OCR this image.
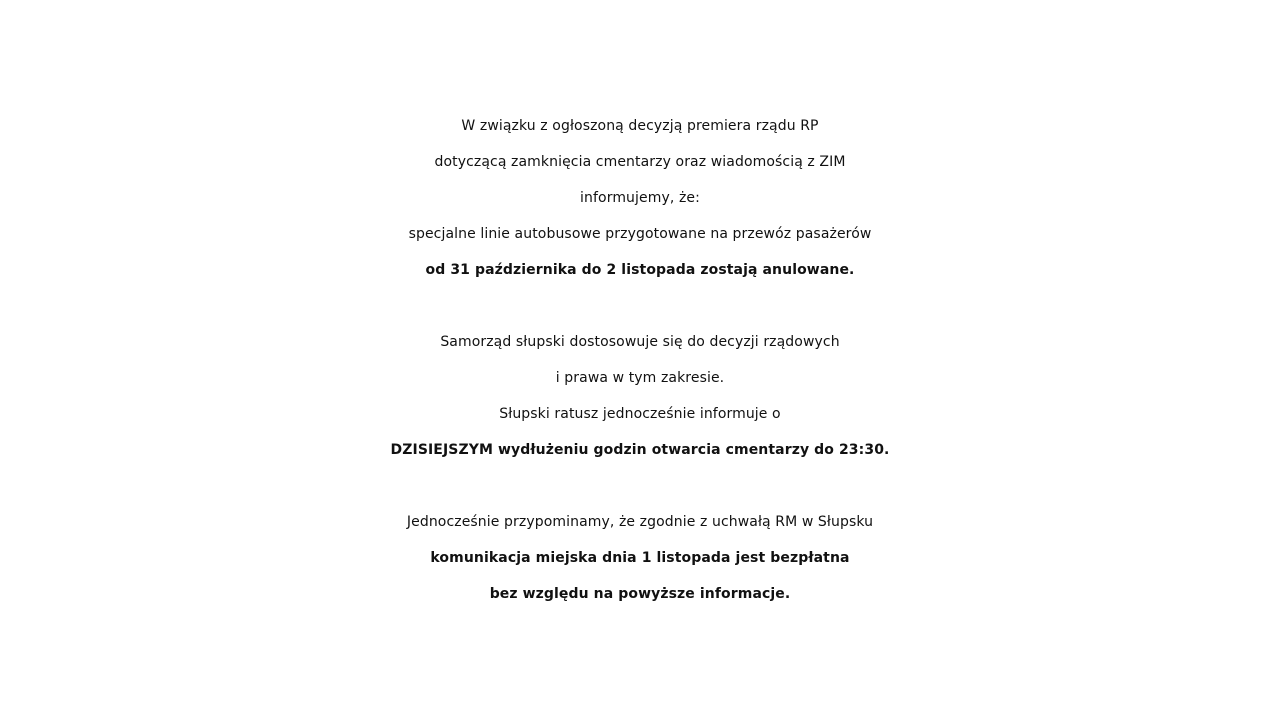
W związku z ogłoszoną decyzją premiera rządu RP
dotyczącą zamknięcia cmentarzy oraz wiadomością z ZIM
informujemy, że:
specjalne linie autobusowe przygotowane na przewóz pasażerów
od 31 października do 2 listopada zostają anulowane.
Samorząd słupski dostosowuje się do decyzji rządowych
i prawa w tym zakresie.
Słupski ratusz jednocześnie informuje o
DZISIEJSZYM wydłużeniu godzin otwarcia cmentarzy do 23:30.
Jednocześnie przypominamy, że zgodnie z uchwałą RM w Słupsku
komunikacja miejska dnia 1 listopada jest bezpłatna
bez względu na powyższe informacje.
